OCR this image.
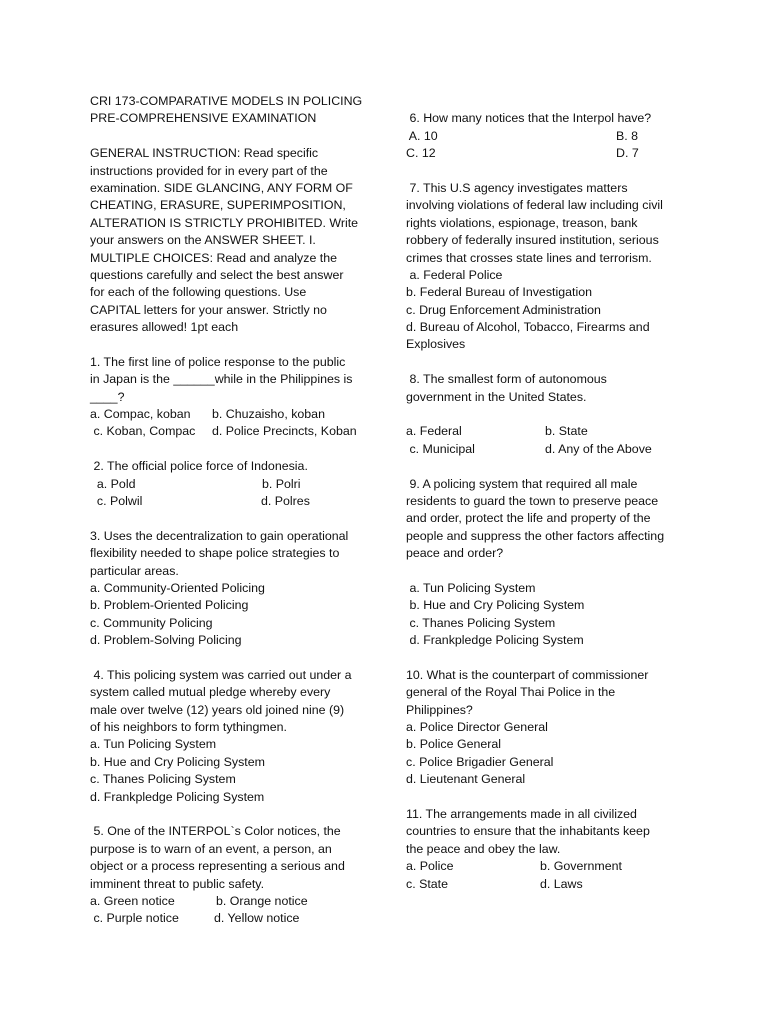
CRI 173-COMPARATIVE MODELS IN POLICING
PRE-COMPREHENSIVE EXAMINATION
GENERAL INSTRUCTION: Read specific
instructions provided for in every part of the
examination. SIDE GLANCING, ANY FORM OF
CHEATING, ERASURE, SUPERIMPOSITION,
ALTERATION IS STRICTLY PROHIBITED. Write
your answers on the ANSWER SHEET. I.
MULTIPLE CHOICES: Read and analyze the
questions carefully and select the best answer
for each of the following questions. Use
CAPITAL letters for your answer. Strictly no
erasures allowed! 1pt each
1. The first line of police response to the public
in Japan is the ______while in the Philippines is
____?
a. Compac, koban b. Chuzaisho, koban
c. Koban, Compac d. Police Precincts, Koban
2. The official police force of Indonesia.
a. Pold	b. Polri
c. Polwil	d. Polres
3. Uses the decentralization to gain operational
flexibility needed to shape police strategies to
particular areas.
a. Community-Oriented Policing
b. Problem-Oriented Policing
c. Community Policing
d. Problem-Solving Policing
4. This policing system was carried out under a
system called mutual pledge whereby every
male over twelve (12) years old joined nine (9)
of his neighbors to form tythingmen.
a. Tun Policing System
b. Hue and Cry Policing System
c. Thanes Policing System
d. Frankpledge Policing System
5. One of the INTERPOL`s Color notices, the
purpose is to warn of an event, a person, an
object or a process representing a serious and
imminent threat to public safety.
a. Green notice	b. Orange notice
c. Purple notice	d. Yellow notice
6. How many notices that the Interpol have?
A. 10	B. 8
C. 12	D. 7
7. This U.S agency investigates matters
involving violations of federal law including civil
rights violations, espionage, treason, bank
robbery of federally insured institution, serious
crimes that crosses state lines and terrorism.
a. Federal Police
b. Federal Bureau of Investigation
c. Drug Enforcement Administration
d. Bureau of Alcohol, Tobacco, Firearms and
Explosives
8. The smallest form of autonomous
government in the United States.
a. Federal	b. State
c. Municipal	d. Any of the Above
9. A policing system that required all male
residents to guard the town to preserve peace
and order, protect the life and property of the
people and suppress the other factors affecting
peace and order?
a. Tun Policing System
b. Hue and Cry Policing System
c. Thanes Policing System
d. Frankpledge Policing System
10. What is the counterpart of commissioner
general of the Royal Thai Police in the
Philippines?
a. Police Director General
b. Police General
c. Police Brigadier General
d. Lieutenant General
11. The arrangements made in all civilized
countries to ensure that the inhabitants keep
the peace and obey the law.
a. Police	b. Government
c. State	d. Laws
